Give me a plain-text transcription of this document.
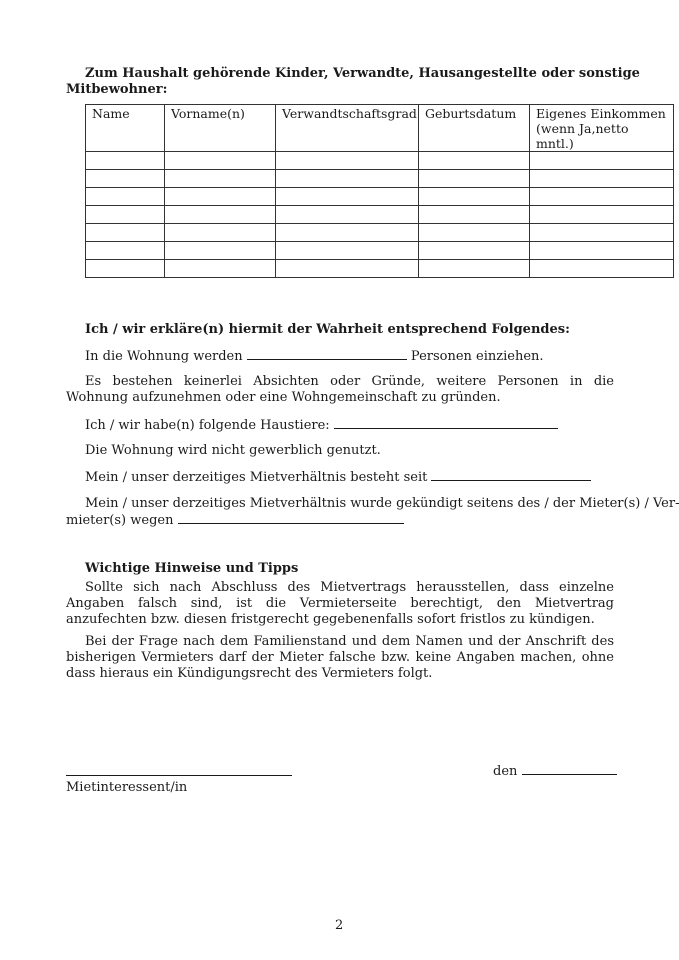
Zum Haushalt gehörende Kinder, Verwandte, Hausangestellte oder sonstige
Mitbewohner:
Name	Vorname(n)	Verwandtschaftsgrad	Geburtsdatum	Eigenes Einkommen
(wenn Ja,netto mntl.)

Ich / wir erkläre(n) hiermit der Wahrheit entsprechend Folgendes:
In die Wohnung werden	Personen einziehen.
Es bestehen keinerlei Absichten oder Gründe, weitere Personen in die Wohnung aufzunehmen oder eine Wohngemeinschaft zu gründen.
Ich / wir habe(n) folgende Haustiere:
Die Wohnung wird nicht gewerblich genutzt.
Mein / unser derzeitiges Mietverhältnis besteht seit
Mein / unser derzeitiges Mietverhältnis wurde gekündigt seitens des / der Mieter(s) / Ver-
mieter(s) wegen
Wichtige Hinweise und Tipps
Sollte sich nach Abschluss des Mietvertrags herausstellen, dass einzelne Angaben falsch sind, ist die Vermieterseite berechtigt, den Mietvertrag anzufechten bzw. diesen fristgerecht gegebenenfalls sofort fristlos zu kündigen.
Bei der Frage nach dem Familienstand und dem Namen und der Anschrift des bisherigen Vermieters darf der Mieter falsche bzw. keine Angaben machen, ohne dass hieraus ein Kündigungsrecht des Vermieters folgt.
Mietinteressent/in
den
2
